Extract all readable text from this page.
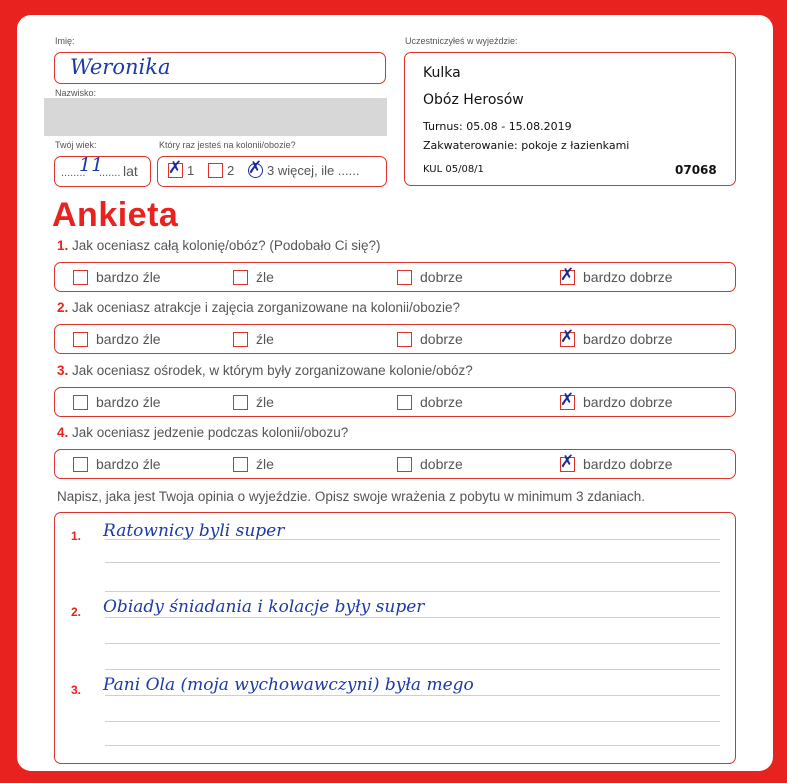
Imię:
Weronika
Nazwisko:
Twój wiek:
........
11
....... lat
Który raz jesteś na kolonii/obozie?
✗ 1	2 ✗ 3 więcej, ile ......
Uczestniczyłeś w wyjeździe:
Kulka
Obóz Herosów
Turnus: 05.08 - 15.08.2019
Zakwaterowanie: pokoje z łazienkami
KUL 05/08/1	07068
Ankieta
1. Jak oceniasz całą kolonię/obóz? (Podobało Ci się?)
bardzo źle	źle	dobrze	✗ bardzo dobrze
2. Jak oceniasz atrakcje i zajęcia zorganizowane na kolonii/obozie?
bardzo źle	źle	dobrze	✗ bardzo dobrze
3. Jak oceniasz ośrodek, w którym były zorganizowane kolonie/obóz?
bardzo źle	źle	dobrze	✗ bardzo dobrze
4. Jak oceniasz jedzenie podczas kolonii/obozu?
bardzo źle	źle	dobrze	✗ bardzo dobrze
Napisz, jaka jest Twoja opinia o wyjeździe. Opisz swoje wrażenia z pobytu w minimum 3 zdaniach.
1. Ratownicy byli super
2. Obiady śniadania i kolacje były super
3. Pani Ola (moja wychowawczyni) była mego
